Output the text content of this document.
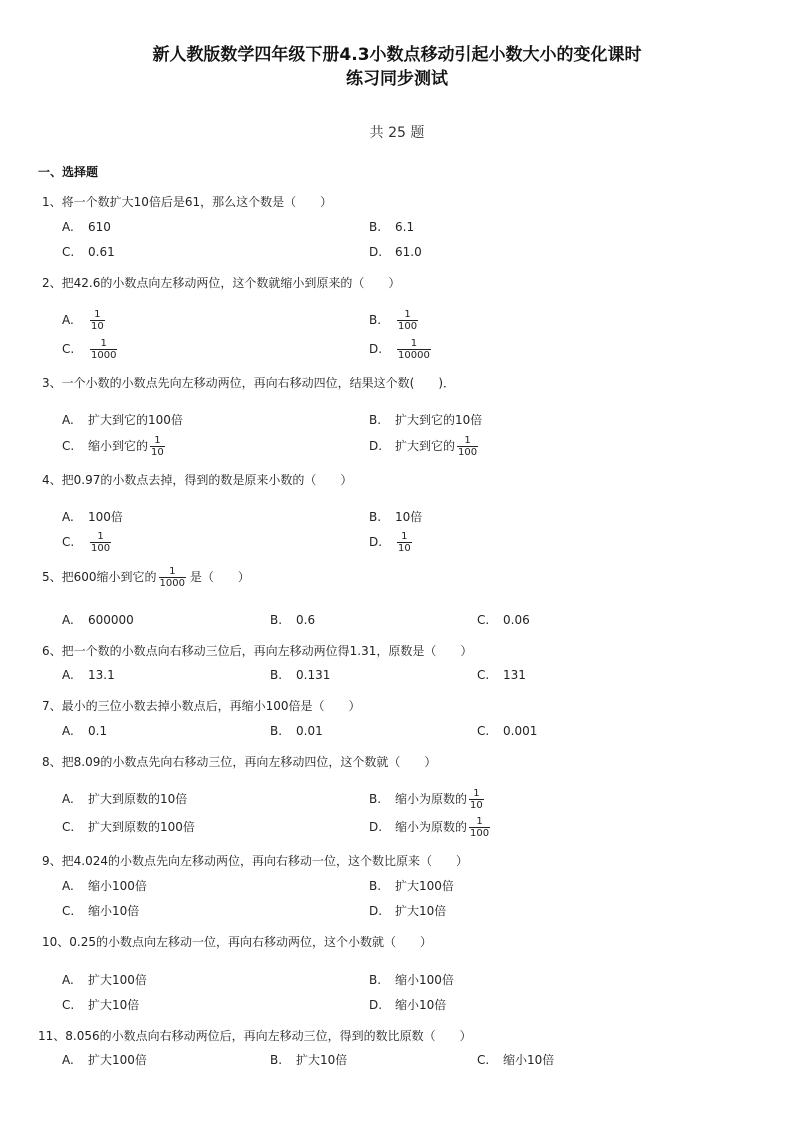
新人教版数学四年级下册4.3小数点移动引起小数大小的变化课时
练习同步测试
共 25 题
一、选择题
1、将一个数扩大10倍后是61，那么这个数是（　　）
A. 610	B. 6.1
C. 0.61	D. 61.0
2、把42.6的小数点向左移动两位，这个数就缩小到原来的（　　）
A. $\frac{1}{10}$	B. $\frac{1}{100}$
C. $\frac{1}{1000}$	D. $\frac{1}{10000}$
3、一个小数的小数点先向左移动两位，再向右移动四位，结果这个数(　　)．
A. 扩大到它的100倍	B. 扩大到它的10倍
C. 缩小到它的 $\frac{1}{10}$	D. 扩大到它的 $\frac{1}{100}$
4、把0.97的小数点去掉，得到的数是原来小数的（　　）
A. 100倍	B. 10倍
C. $\frac{1}{100}$	D. $\frac{1}{10}$
5、把600缩小到它的 $\frac{1}{1000}$ 是（　　）
A. 600000	B. 0.6	C. 0.06
6、把一个数的小数点向右移动三位后，再向左移动两位得1.31，原数是（　　）
A. 13.1	B. 0.131	C. 131
7、最小的三位小数去掉小数点后，再缩小100倍是（　　）
A. 0.1	B. 0.01	C. 0.001
8、把8.09的小数点先向右移动三位，再向左移动四位，这个数就（　　）
A. 扩大到原数的10倍	B. 缩小为原数的 $\frac{1}{10}$
C. 扩大到原数的100倍	D. 缩小为原数的 $\frac{1}{100}$
9、把4.024的小数点先向左移动两位，再向右移动一位，这个数比原来（　　）
A. 缩小100倍	B. 扩大100倍
C. 缩小10倍	D. 扩大10倍
10、0.25的小数点向左移动一位，再向右移动两位，这个小数就（　　）
A. 扩大100倍	B. 缩小100倍
C. 扩大10倍	D. 缩小10倍
11、8.056的小数点向右移动两位后，再向左移动三位，得到的数比原数（　　）
A. 扩大100倍	B. 扩大10倍	C. 缩小10倍
